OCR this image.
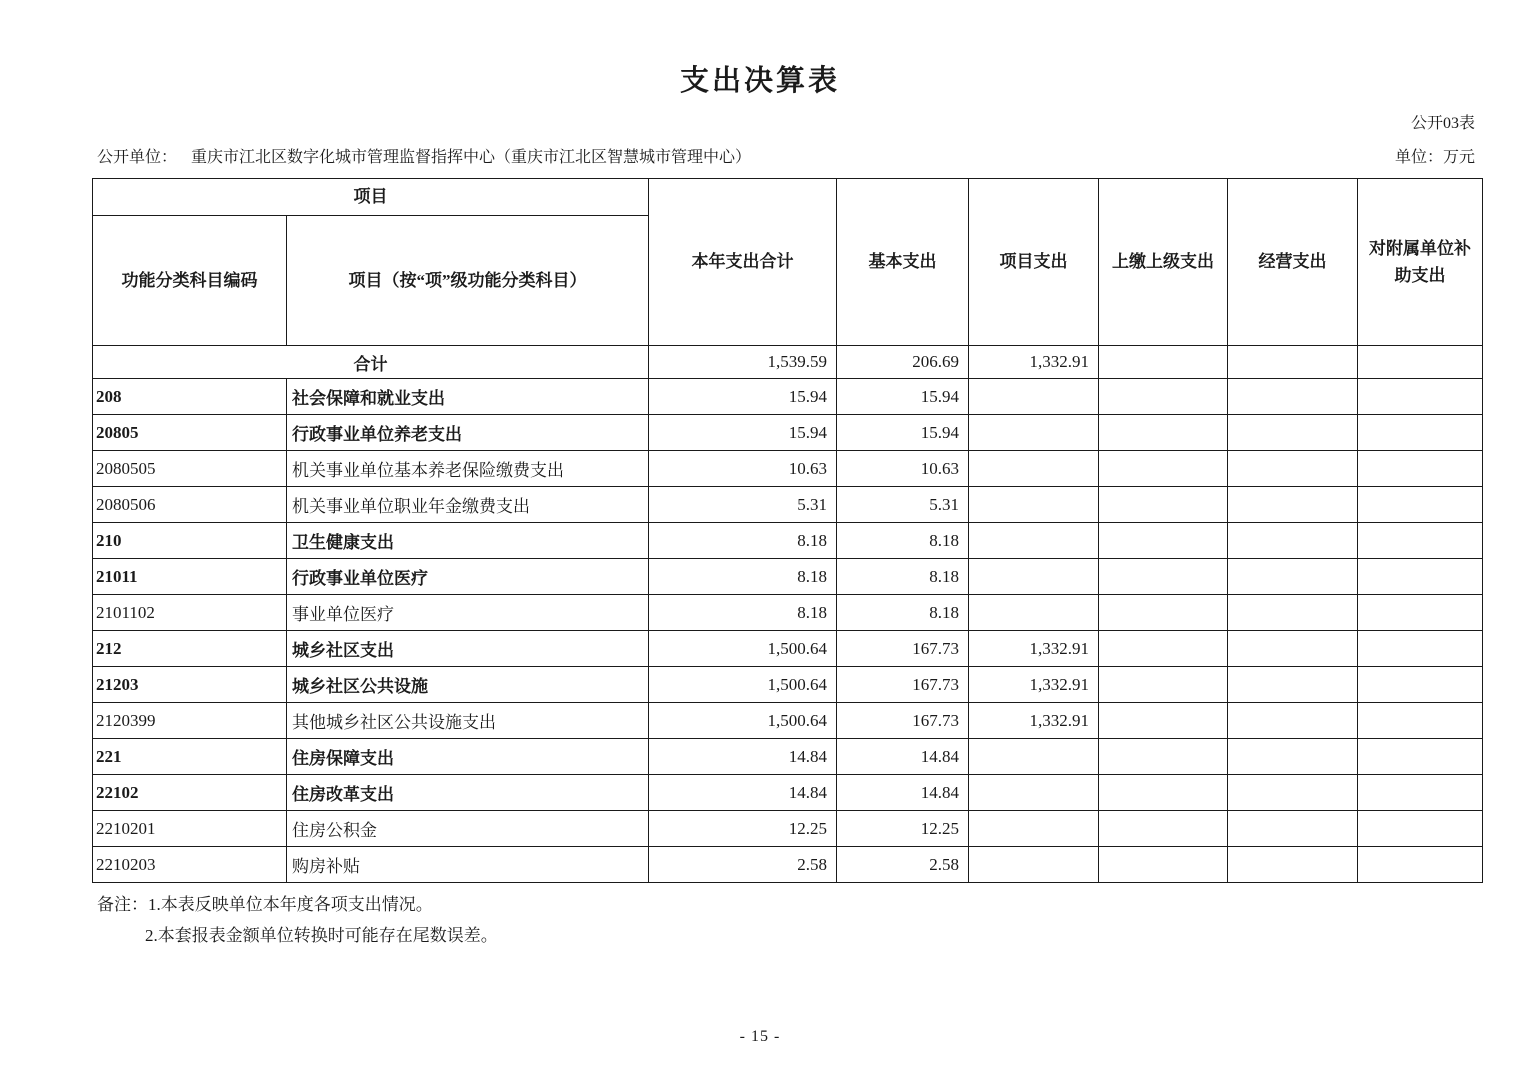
支出决算表
公开03表
公开单位： 重庆市江北区数字化城市管理监督指挥中心（重庆市江北区智慧城市管理中心）	单位：万元
项目		本年支出合计	基本支出	项目支出	上缴上级支出	经营支出	对附属单位补助支出
功能分类科目编码	项目（按“项”级功能分类科目）						
合计		1,539.59	206.69	1,332.91			
208	社会保障和就业支出	15.94	15.94				
20805	行政事业单位养老支出	15.94	15.94				
2080505	机关事业单位基本养老保险缴费支出	10.63	10.63				
2080506	机关事业单位职业年金缴费支出	5.31	5.31				
210	卫生健康支出	8.18	8.18				
21011	行政事业单位医疗	8.18	8.18				
2101102	事业单位医疗	8.18	8.18				
212	城乡社区支出	1,500.64	167.73	1,332.91			
21203	城乡社区公共设施	1,500.64	167.73	1,332.91			
2120399	其他城乡社区公共设施支出	1,500.64	167.73	1,332.91			
221	住房保障支出	14.84	14.84				
22102	住房改革支出	14.84	14.84				
2210201	住房公积金	12.25	12.25				
2210203	购房补贴	2.58	2.58				
备注：1.本表反映单位本年度各项支出情况。
2.本套报表金额单位转换时可能存在尾数误差。
- 15 -
